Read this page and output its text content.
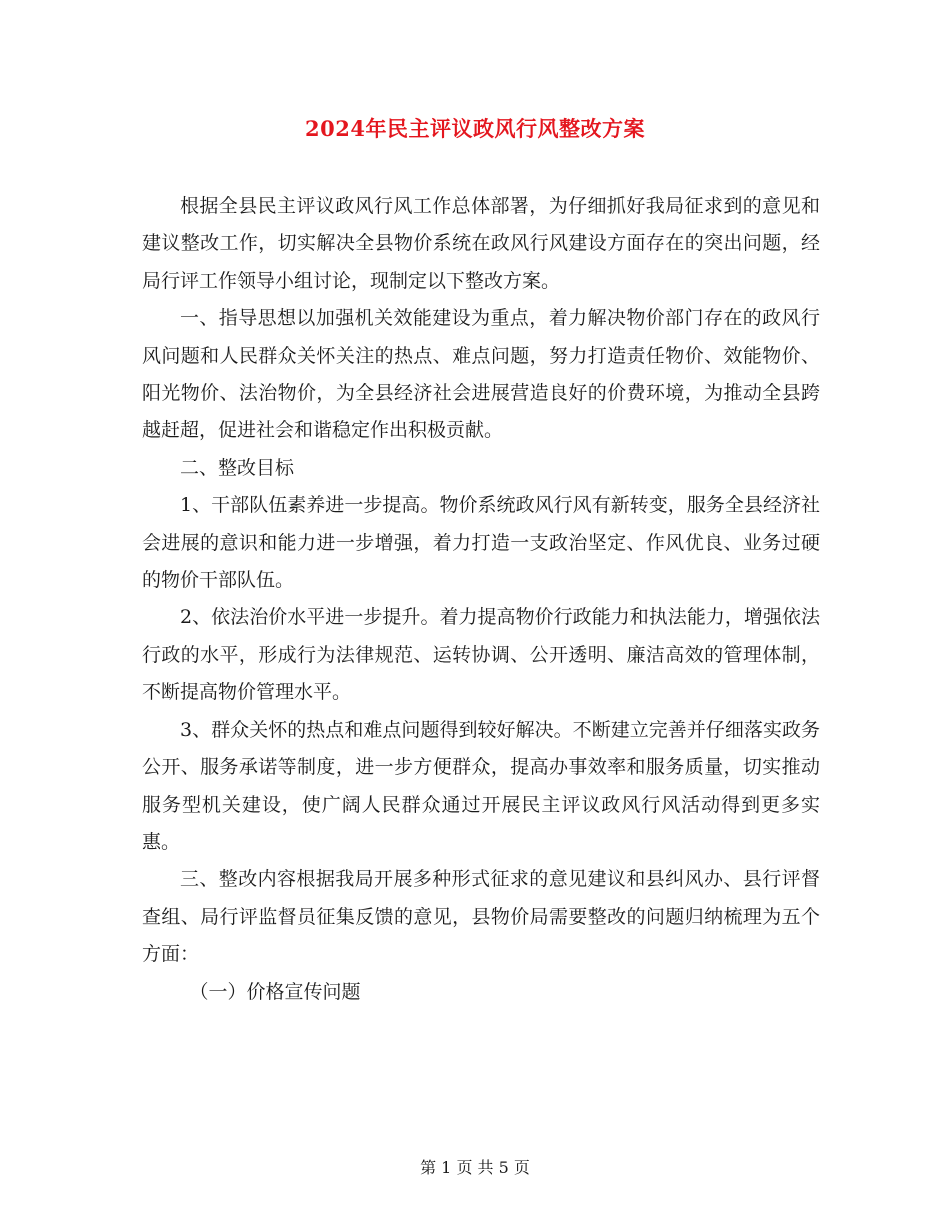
2024年民主评议政风行风整改方案

根据全县民主评议政风行风工作总体部署，为仔细抓好我局征求到的意见和建议整改工作，切实解决全县物价系统在政风行风建设方面存在的突出问题，经局行评工作领导小组讨论，现制定以下整改方案。

一、指导思想以加强机关效能建设为重点，着力解决物价部门存在的政风行风问题和人民群众关怀关注的热点、难点问题，努力打造责任物价、效能物价、阳光物价、法治物价，为全县经济社会进展营造良好的价费环境，为推动全县跨越赶超，促进社会和谐稳定作出积极贡献。

二、整改目标

1、干部队伍素养进一步提高。物价系统政风行风有新转变，服务全县经济社会进展的意识和能力进一步增强，着力打造一支政治坚定、作风优良、业务过硬的物价干部队伍。

2、依法治价水平进一步提升。着力提高物价行政能力和执法能力，增强依法行政的水平，形成行为法律规范、运转协调、公开透明、廉洁高效的管理体制，不断提高物价管理水平。

3、群众关怀的热点和难点问题得到较好解决。不断建立完善并仔细落实政务公开、服务承诺等制度，进一步方便群众，提高办事效率和服务质量，切实推动服务型机关建设，使广阔人民群众通过开展民主评议政风行风活动得到更多实惠。

三、整改内容根据我局开展多种形式征求的意见建议和县纠风办、县行评督查组、局行评监督员征集反馈的意见，县物价局需要整改的问题归纳梳理为五个方面：

（一）价格宣传问题

第 1 页 共 5 页
